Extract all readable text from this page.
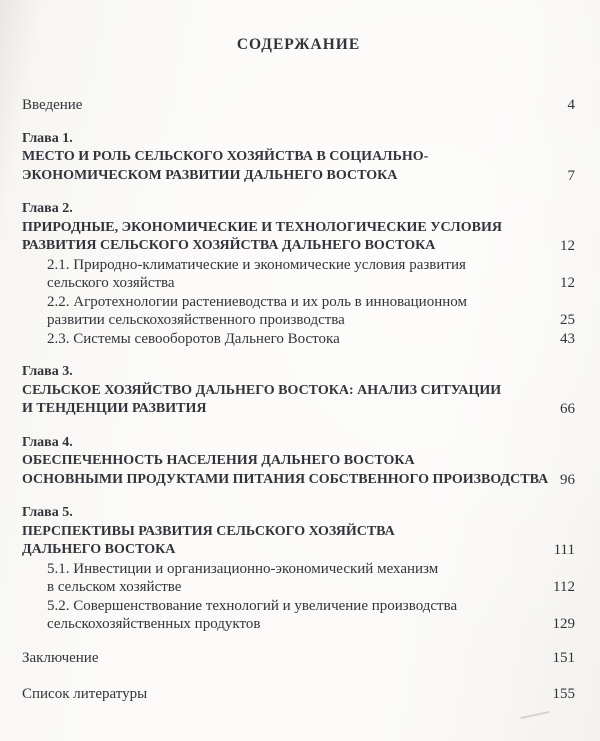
СОДЕРЖАНИЕ
Введение	4
Глава 1.
МЕСТО И РОЛЬ СЕЛЬСКОГО ХОЗЯЙСТВА В СОЦИАЛЬНО-
ЭКОНОМИЧЕСКОМ РАЗВИТИИ ДАЛЬНЕГО ВОСТОКА	7
Глава 2.
ПРИРОДНЫЕ, ЭКОНОМИЧЕСКИЕ И ТЕХНОЛОГИЧЕСКИЕ УСЛОВИЯ
РАЗВИТИЯ СЕЛЬСКОГО ХОЗЯЙСТВА ДАЛЬНЕГО ВОСТОКА	12
2.1. Природно-климатические и экономические условия развития
сельского хозяйства	12
2.2. Агротехнологии растениеводства и их роль в инновационном
развитии сельскохозяйственного производства	25
2.3. Системы севооборотов Дальнего Востока	43
Глава 3.
СЕЛЬСКОЕ ХОЗЯЙСТВО ДАЛЬНЕГО ВОСТОКА: АНАЛИЗ СИТУАЦИИ
И ТЕНДЕНЦИИ РАЗВИТИЯ	66
Глава 4.
ОБЕСПЕЧЕННОСТЬ НАСЕЛЕНИЯ ДАЛЬНЕГО ВОСТОКА
ОСНОВНЫМИ ПРОДУКТАМИ ПИТАНИЯ СОБСТВЕННОГО ПРОИЗВОДСТВА 96
Глава 5.
ПЕРСПЕКТИВЫ РАЗВИТИЯ СЕЛЬСКОГО ХОЗЯЙСТВА
ДАЛЬНЕГО ВОСТОКА	111
5.1. Инвестиции и организационно-экономический механизм
в сельском хозяйстве	112
5.2. Совершенствование технологий и увеличение производства
сельскохозяйственных продуктов	129
Заключение	151
Список литературы	155
